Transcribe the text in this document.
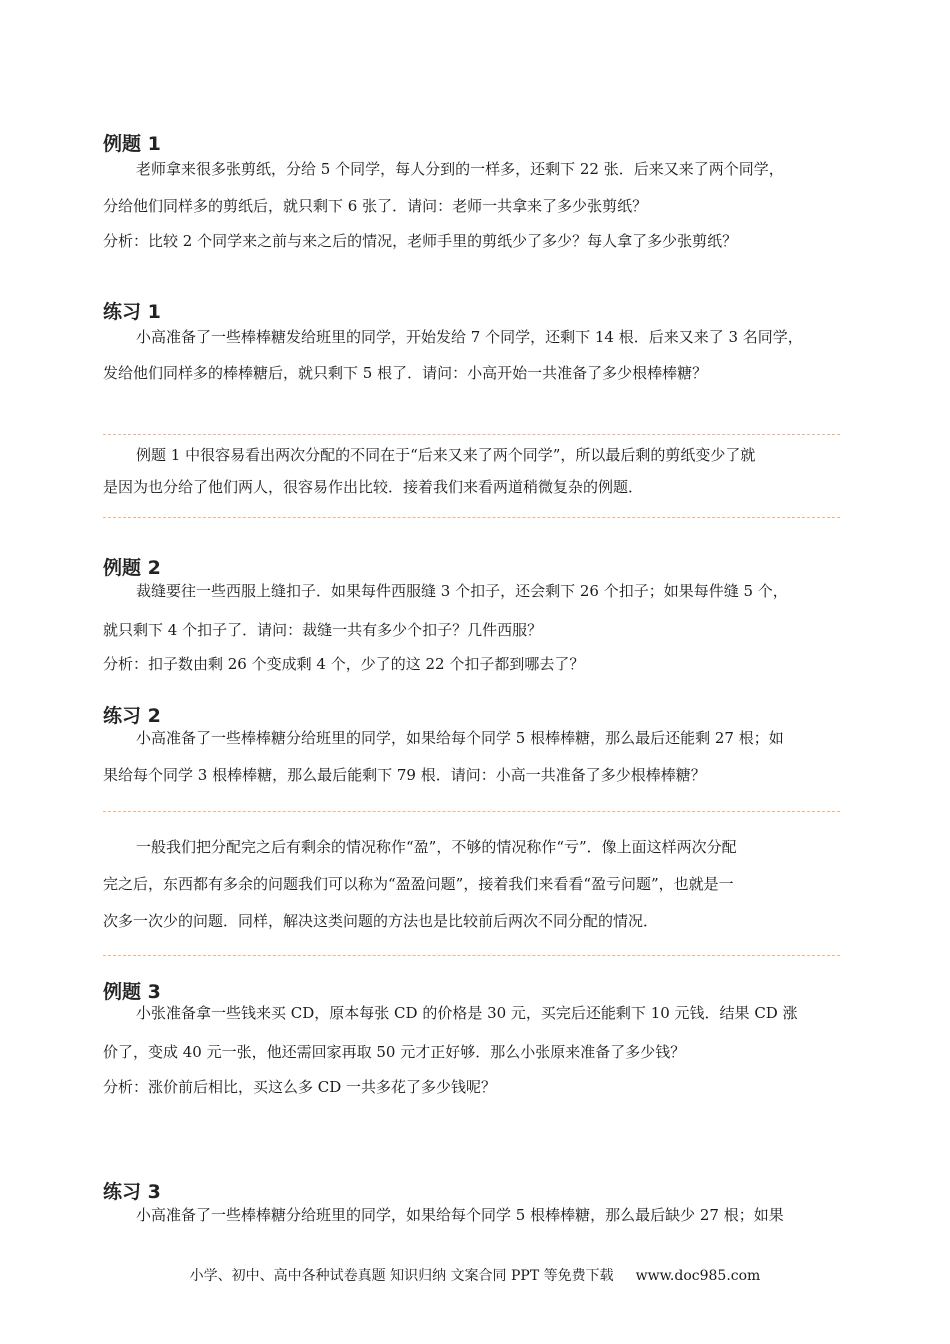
例题 1
老师拿来很多张剪纸，分给 5 个同学，每人分到的一样多，还剩下 22 张．后来又来了两个同学，
分给他们同样多的剪纸后，就只剩下 6 张了．请问：老师一共拿来了多少张剪纸？
分析：比较 2 个同学来之前与来之后的情况，老师手里的剪纸少了多少？每人拿了多少张剪纸？
练习 1
小高准备了一些棒棒糖发给班里的同学，开始发给 7 个同学，还剩下 14 根．后来又来了 3 名同学，
发给他们同样多的棒棒糖后，就只剩下 5 根了．请问：小高开始一共准备了多少根棒棒糖？
例题 1 中很容易看出两次分配的不同在于“后来又来了两个同学”，所以最后剩的剪纸变少了就
是因为也分给了他们两人，很容易作出比较．接着我们来看两道稍微复杂的例题．
例题 2
裁缝要往一些西服上缝扣子．如果每件西服缝 3 个扣子，还会剩下 26 个扣子；如果每件缝 5 个，
就只剩下 4 个扣子了．请问：裁缝一共有多少个扣子？几件西服？
分析：扣子数由剩 26 个变成剩 4 个，少了的这 22 个扣子都到哪去了？
练习 2
小高准备了一些棒棒糖分给班里的同学，如果给每个同学 5 根棒棒糖，那么最后还能剩 27 根；如
果给每个同学 3 根棒棒糖，那么最后能剩下 79 根．请问：小高一共准备了多少根棒棒糖？
一般我们把分配完之后有剩余的情况称作“盈”，不够的情况称作“亏”．像上面这样两次分配
完之后，东西都有多余的问题我们可以称为“盈盈问题”，接着我们来看看“盈亏问题”，也就是一
次多一次少的问题．同样，解决这类问题的方法也是比较前后两次不同分配的情况．
例题 3
小张准备拿一些钱来买 CD，原本每张 CD 的价格是 30 元，买完后还能剩下 10 元钱．结果 CD 涨
价了，变成 40 元一张，他还需回家再取 50 元才正好够．那么小张原来准备了多少钱？
分析：涨价前后相比，买这么多 CD 一共多花了多少钱呢？
练习 3
小高准备了一些棒棒糖分给班里的同学，如果给每个同学 5 根棒棒糖，那么最后缺少 27 根；如果
小学、初中、高中各种试卷真题 知识归纳 文案合同 PPT 等免费下载 www.doc985.com
